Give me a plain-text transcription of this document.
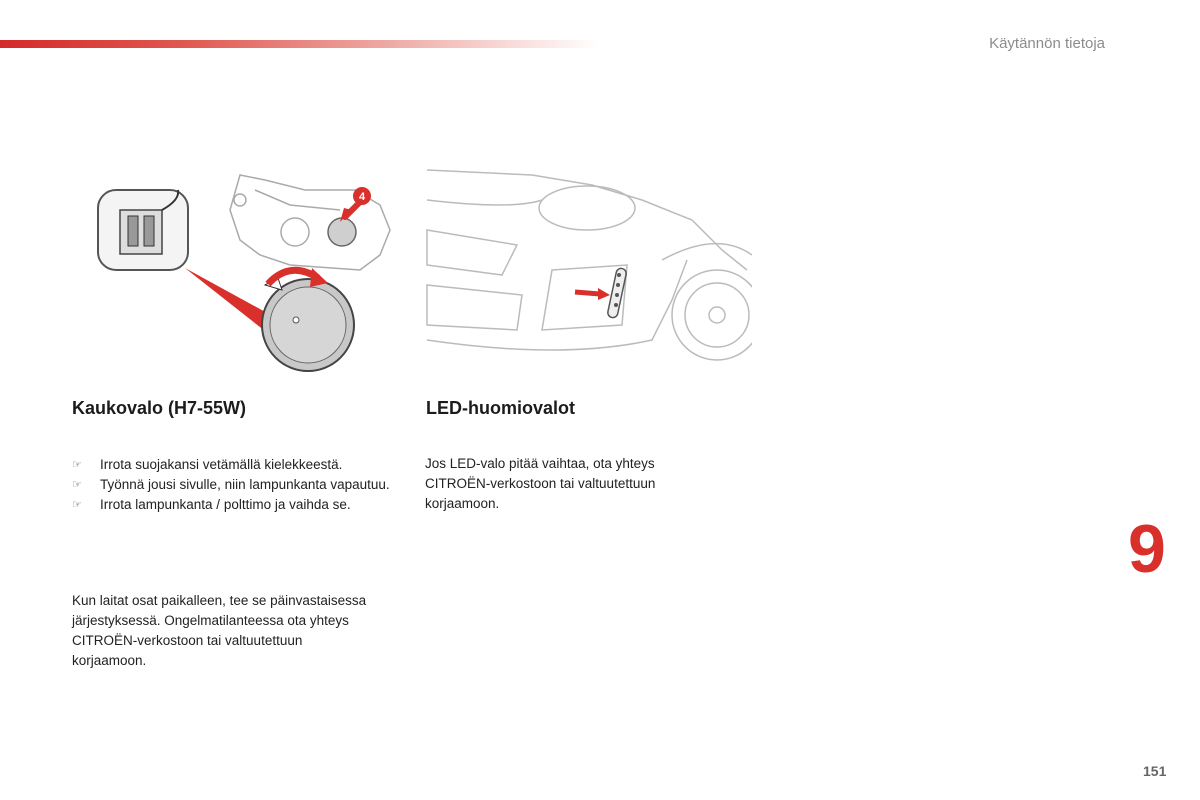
Käytännön tietoja
4
Kaukovalo (H7-55W)	LED-huomiovalot
☞ Irrota suojakansi vetämällä kielekkeestä.
☞ Työnnä jousi sivulle, niin lampunkanta vapautuu.
☞ Irrota lampunkanta / polttimo ja vaihda se.

Jos LED-valo pitää vaihtaa, ota yhteys CITROËN-verkostoon tai valtuutettuun korjaamoon.

Kun laitat osat paikalleen, tee se päinvastaisessa järjestyksessä. Ongelmatilanteessa ota yhteys CITROËN-verkostoon tai valtuutettuun korjaamoon.

9
151
